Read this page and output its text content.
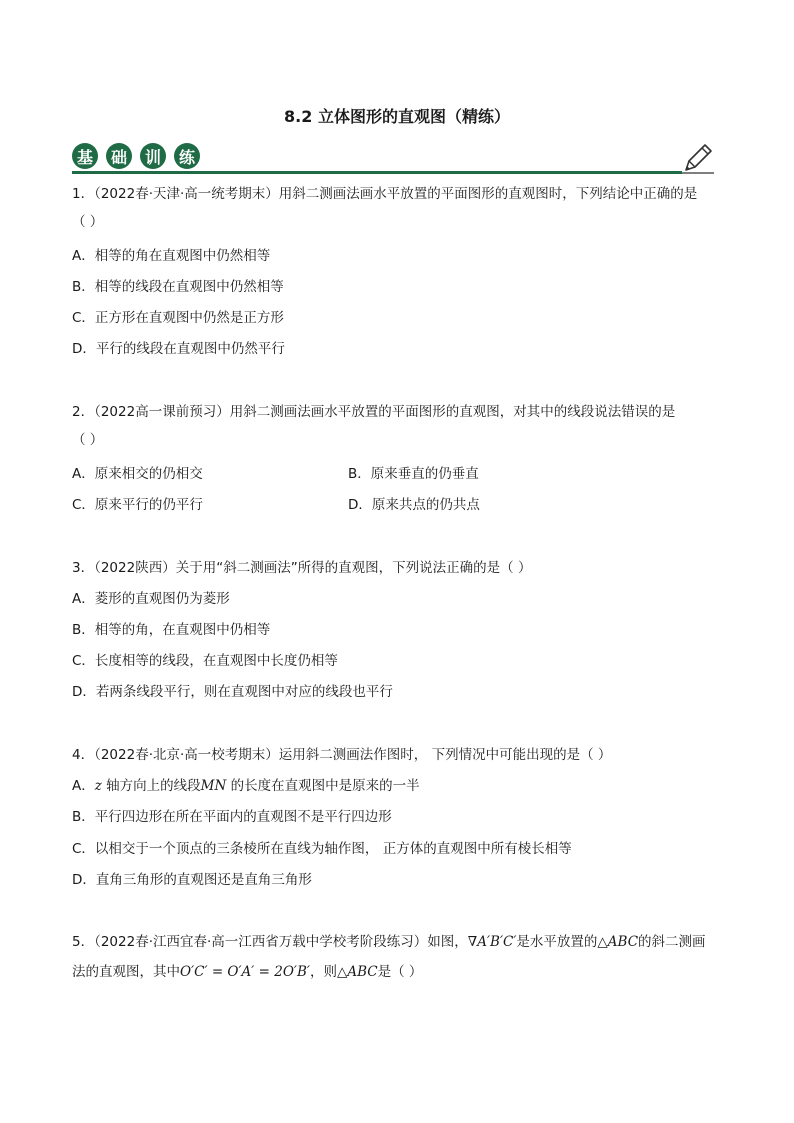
8.2 立体图形的直观图（精练）
基	础	训	练
1．（2022春·天津·高一统考期末）用斜二测画法画水平放置的平面图形的直观图时，下列结论中正确的是
（ ）
A．相等的角在直观图中仍然相等
B．相等的线段在直观图中仍然相等
C．正方形在直观图中仍然是正方形
D．平行的线段在直观图中仍然平行
2．（2022高一课前预习）用斜二测画法画水平放置的平面图形的直观图，对其中的线段说法错误的是
（ ）
A．原来相交的仍相交	B．原来垂直的仍垂直
C．原来平行的仍平行	D．原来共点的仍共点
3．（2022陕西）关于用“斜二测画法”所得的直观图，下列说法正确的是（ ）
A．菱形的直观图仍为菱形
B．相等的角，在直观图中仍相等
C．长度相等的线段，在直观图中长度仍相等
D．若两条线段平行，则在直观图中对应的线段也平行
4．（2022春·北京·高一校考期末）运用斜二测画法作图时， 下列情况中可能出现的是（ ）
A．z 轴方向上的线段MN 的长度在直观图中是原来的一半
B．平行四边形在所在平面内的直观图不是平行四边形
C．以相交于一个顶点的三条棱所在直线为轴作图， 正方体的直观图中所有棱长相等
D．直角三角形的直观图还是直角三角形
5．（2022春·江西宜春·高一江西省万载中学校考阶段练习）如图，∇A′B′C′是水平放置的△ABC的斜二测画
法的直观图，其中O′C′ = O′A′ = 2O′B′，则△ABC是（ ）
